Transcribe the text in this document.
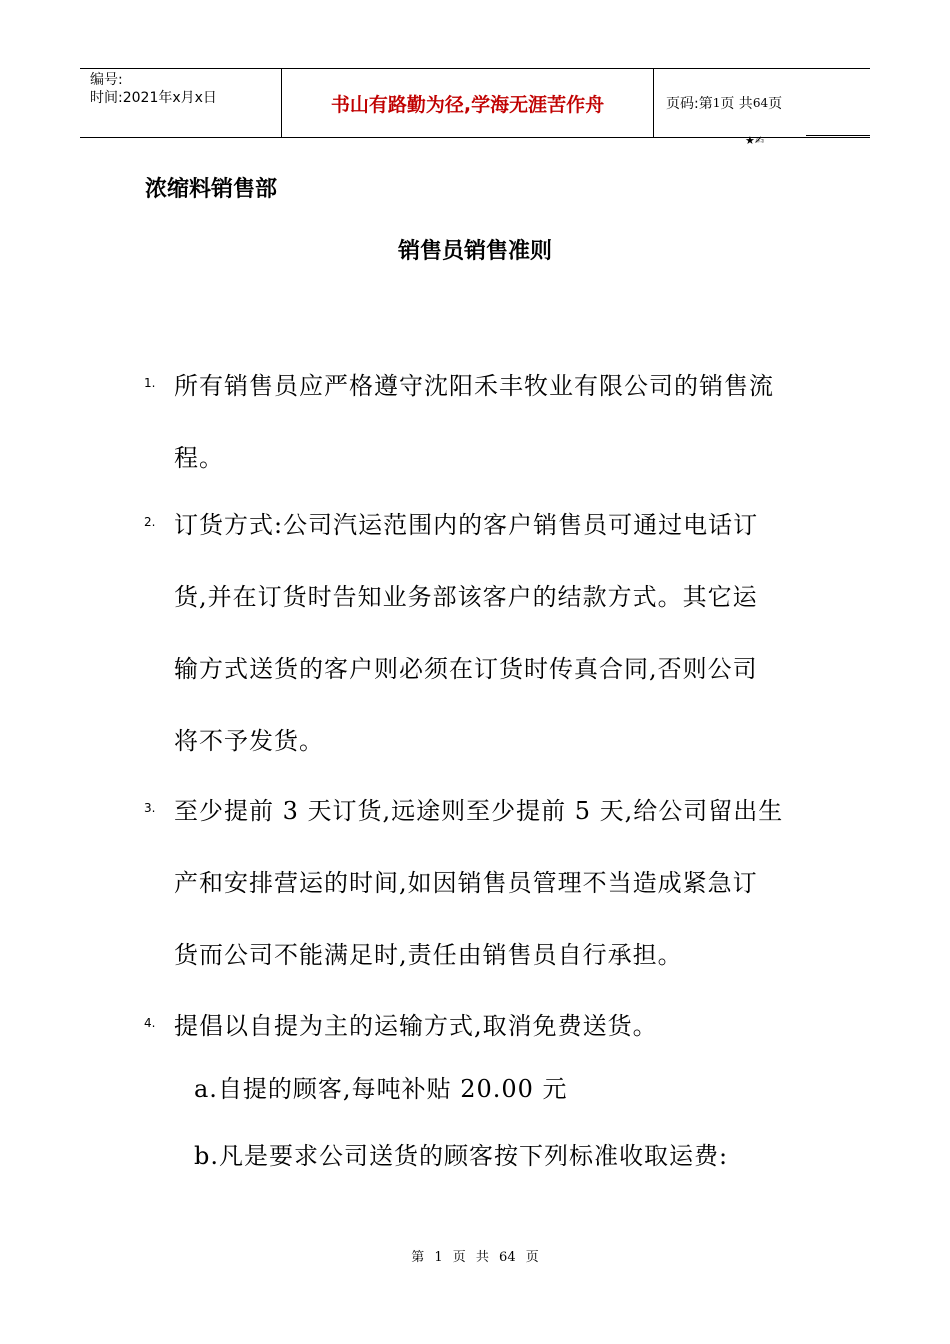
编号:
时间:2021年x月x日	书山有路勤为径,学海无涯苦作舟	页码:第 1 页 共 64 页
★✍
浓缩料销售部
销售员销售准则
1. 所有销售员应严格遵守沈阳禾丰牧业有限公司的销售流
程。
2. 订货方式:公司汽运范围内的客户销售员可通过电话订
货,并在订货时告知业务部该客户的结款方式。其它运
输方式送货的客户则必须在订货时传真合同,否则公司
将不予发货。
3. 至少提前 3 天订货,远途则至少提前 5 天,给公司留出生
产和安排营运的时间,如因销售员管理不当造成紧急订
货而公司不能满足时,责任由销售员自行承担。
4. 提倡以自提为主的运输方式,取消免费送货。
a.自提的顾客,每吨补贴 20.00 元
b.凡是要求公司送货的顾客按下列标准收取运费:
第 1 页 共 64 页
